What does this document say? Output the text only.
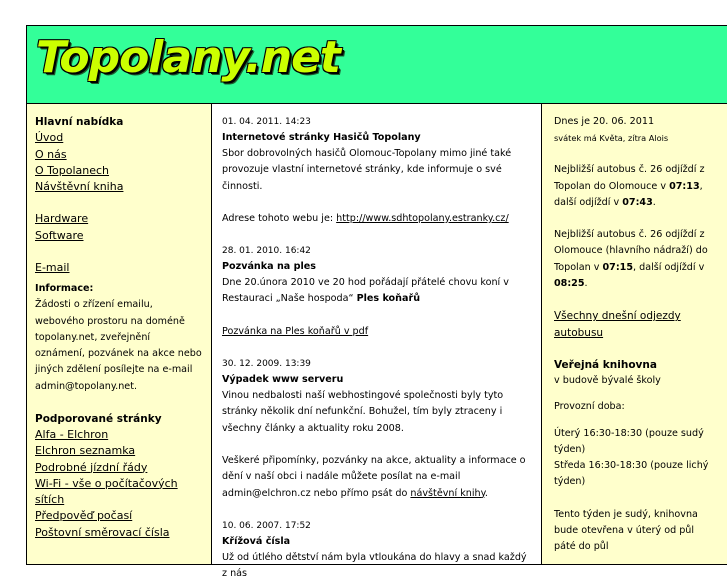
Topolany.net
Hlavní nabídka
Úvod
O nás
O Topolanech
Návštěvní kniha
Hardware
Software
E-mail
Informace:
Žádosti o zřízení emailu, webového prostoru na doméně topolany.net, zveřejnění oznámení, pozvánek na akce nebo jiných zdělení posílejte na e-mail admin@topolany.net.
Podporované stránky
Alfa - Elchron
Elchron seznamka
Podrobné jízdní řády
Wi-Fi - vše o počítačových sítích
Předpověď počasí
Poštovní směrovací čísla
01. 04. 2011. 14:23
Internetové stránky Hasičů Topolany
Sbor dobrovolných hasičů Olomouc-Topolany mimo jiné také provozuje vlastní internetové stránky, kde informuje o své činnosti.
Adrese tohoto webu je: http://www.sdhtopolany.estranky.cz/
28. 01. 2010. 16:42
Pozvánka na ples
Dne 20.února 2010 ve 20 hod pořádají přátelé chovu koní v Restauraci „Naše hospoda“ Ples koňařů
Pozvánka na Ples koňařů v pdf
30. 12. 2009. 13:39
Výpadek www serveru
Vinou nedbalosti naší webhostingové společnosti byly tyto stránky několik dní nefunkční. Bohužel, tím byly ztraceny i všechny články a aktuality roku 2008.
Veškeré připomínky, pozvánky na akce, aktuality a informace o dění v naší obci i nadále můžete posílat na e-mail admin@elchron.cz nebo přímo psát do návštěvní knihy.
10. 06. 2007. 17:52
Křížová čísla
Už od útlého dětství nám byla vtloukána do hlavy a snad každý z nás
Dnes je 20. 06. 2011
svátek má Květa, zítra Alois
Nejbližší autobus č. 26 odjíždí z Topolan do Olomouce v 07:13, další odjíždí v 07:43.
Nejbližší autobus č. 26 odjíždí z Olomouce (hlavního nádraží) do Topolan v 07:15, další odjíždí v 08:25.
Všechny dnešní odjezdy autobusu
Veřejná knihovna
v budově bývalé školy
Provozní doba:
Úterý 16:30-18:30 (pouze sudý týden)
Středa 16:30-18:30 (pouze lichý týden)
Tento týden je sudý, knihovna bude otevřena v úterý od půl páté do půl
